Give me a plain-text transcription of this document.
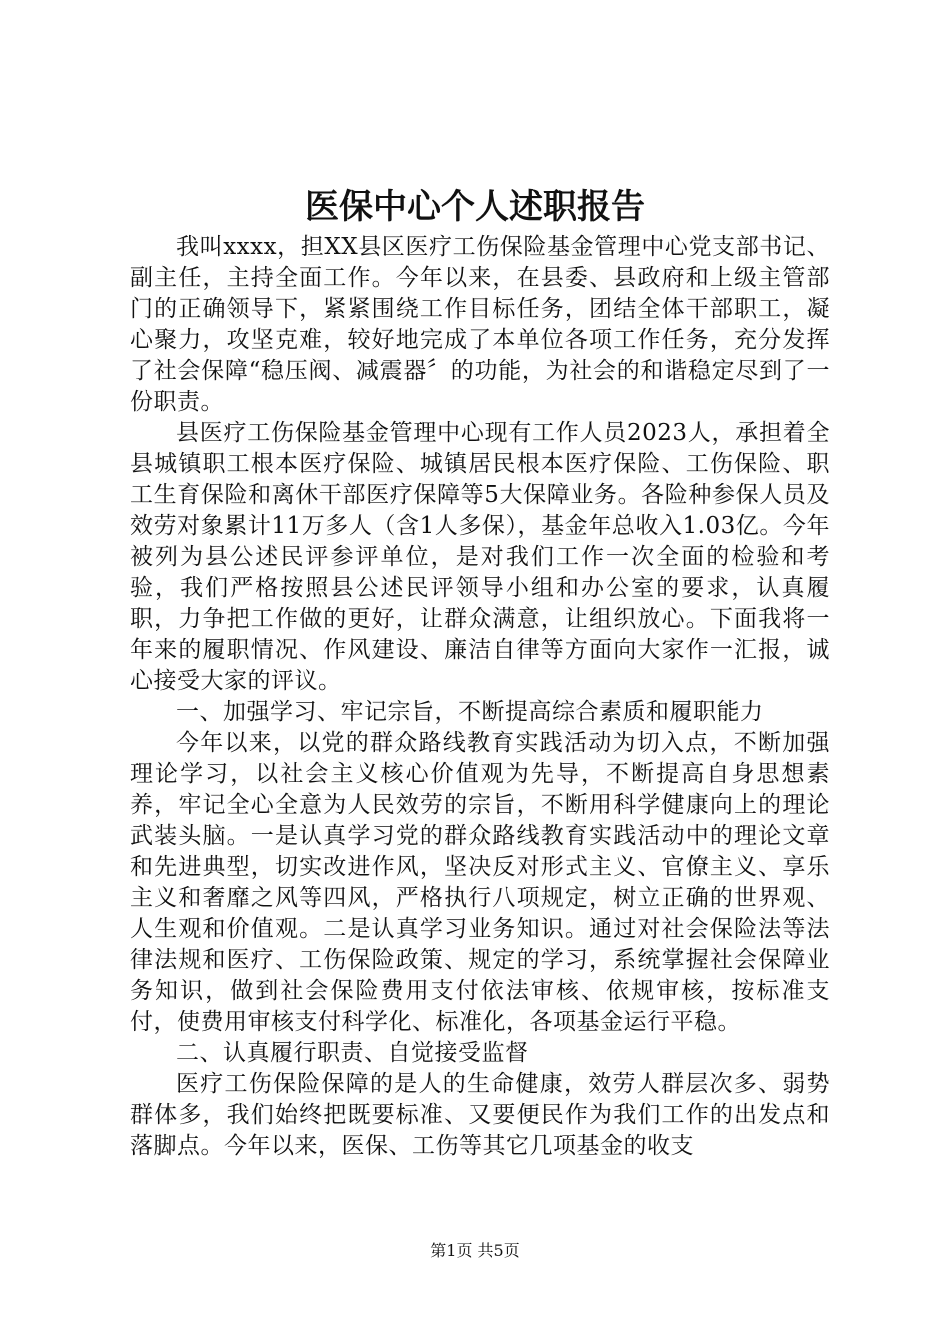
医保中心个人述职报告

我叫xxxx，担XX县区医疗工伤保险基金管理中心党支部书记、副主任，主持全面工作。今年以来，在县委、县政府和上级主管部门的正确领导下，紧紧围绕工作目标任务，团结全体干部职工，凝心聚力，攻坚克难，较好地完成了本单位各项工作任务，充分发挥了社会保障“稳压阀、减震器〞的功能，为社会的和谐稳定尽到了一份职责。

县医疗工伤保险基金管理中心现有工作人员2023人，承担着全县城镇职工根本医疗保险、城镇居民根本医疗保险、工伤保险、职工生育保险和离休干部医疗保障等5大保障业务。各险种参保人员及效劳对象累计11万多人（含1人多保），基金年总收入1.03亿。今年被列为县公述民评参评单位，是对我们工作一次全面的检验和考验，我们严格按照县公述民评领导小组和办公室的要求，认真履职，力争把工作做的更好，让群众满意，让组织放心。下面我将一年来的履职情况、作风建设、廉洁自律等方面向大家作一汇报，诚心接受大家的评议。

一、加强学习、牢记宗旨，不断提高综合素质和履职能力

今年以来，以党的群众路线教育实践活动为切入点，不断加强理论学习，以社会主义核心价值观为先导，不断提高自身思想素养，牢记全心全意为人民效劳的宗旨，不断用科学健康向上的理论武装头脑。一是认真学习党的群众路线教育实践活动中的理论文章和先进典型，切实改进作风，坚决反对形式主义、官僚主义、享乐主义和奢靡之风等四风，严格执行八项规定，树立正确的世界观、人生观和价值观。二是认真学习业务知识。通过对社会保险法等法律法规和医疗、工伤保险政策、规定的学习，系统掌握社会保障业务知识，做到社会保险费用支付依法审核、依规审核，按标准支付，使费用审核支付科学化、标准化，各项基金运行平稳。

二、认真履行职责、自觉接受监督

医疗工伤保险保障的是人的生命健康，效劳人群层次多、弱势群体多，我们始终把既要标准、又要便民作为我们工作的出发点和落脚点。今年以来，医保、工伤等其它几项基金的收支

第1页 共5页
